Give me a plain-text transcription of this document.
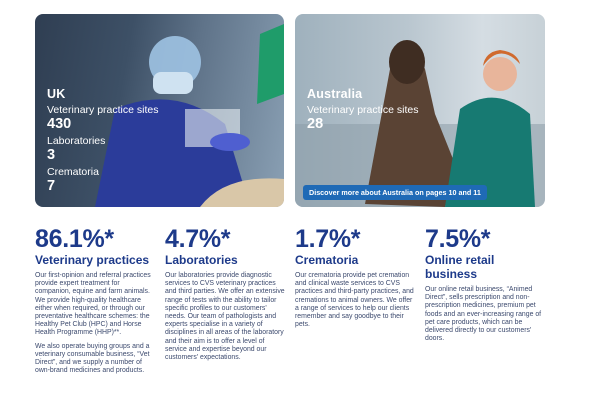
UK
Veterinary practice sites
430
Laboratories
3
Crematoria
7
Australia
Veterinary practice sites
28
Discover more about Australia on pages 10 and 11
86.1%*
Veterinary practices

Our first-opinion and referral practices provide expert treatment for companion, equine and farm animals. We provide high-quality healthcare either when required, or through our preventative healthcare schemes: the Healthy Pet Club (HPC) and Horse Health Programme (HHP)**.

We also operate buying groups and a veterinary consumable business, “Vet Direct”, and we supply a number of own-brand medicines and products.

4.7%*
Laboratories

Our laboratories provide diagnostic services to CVS veterinary practices and third parties. We offer an extensive range of tests with the ability to tailor specific profiles to our customers' needs. Our team of pathologists and experts specialise in a variety of disciplines in all areas of the laboratory and their aim is to offer a level of service and expertise beyond our customers' expectations.

1.7%*
Crematoria

Our crematoria provide pet cremation and clinical waste services to CVS practices and third-party practices, and cremations to animal owners. We offer a range of services to help our clients remember and say goodbye to their pets.

7.5%*
Online retail business

Our online retail business, “Animed Direct”, sells prescription and non-prescription medicines, premium pet foods and an ever-increasing range of pet care products, which can be delivered directly to our customers' doors.
